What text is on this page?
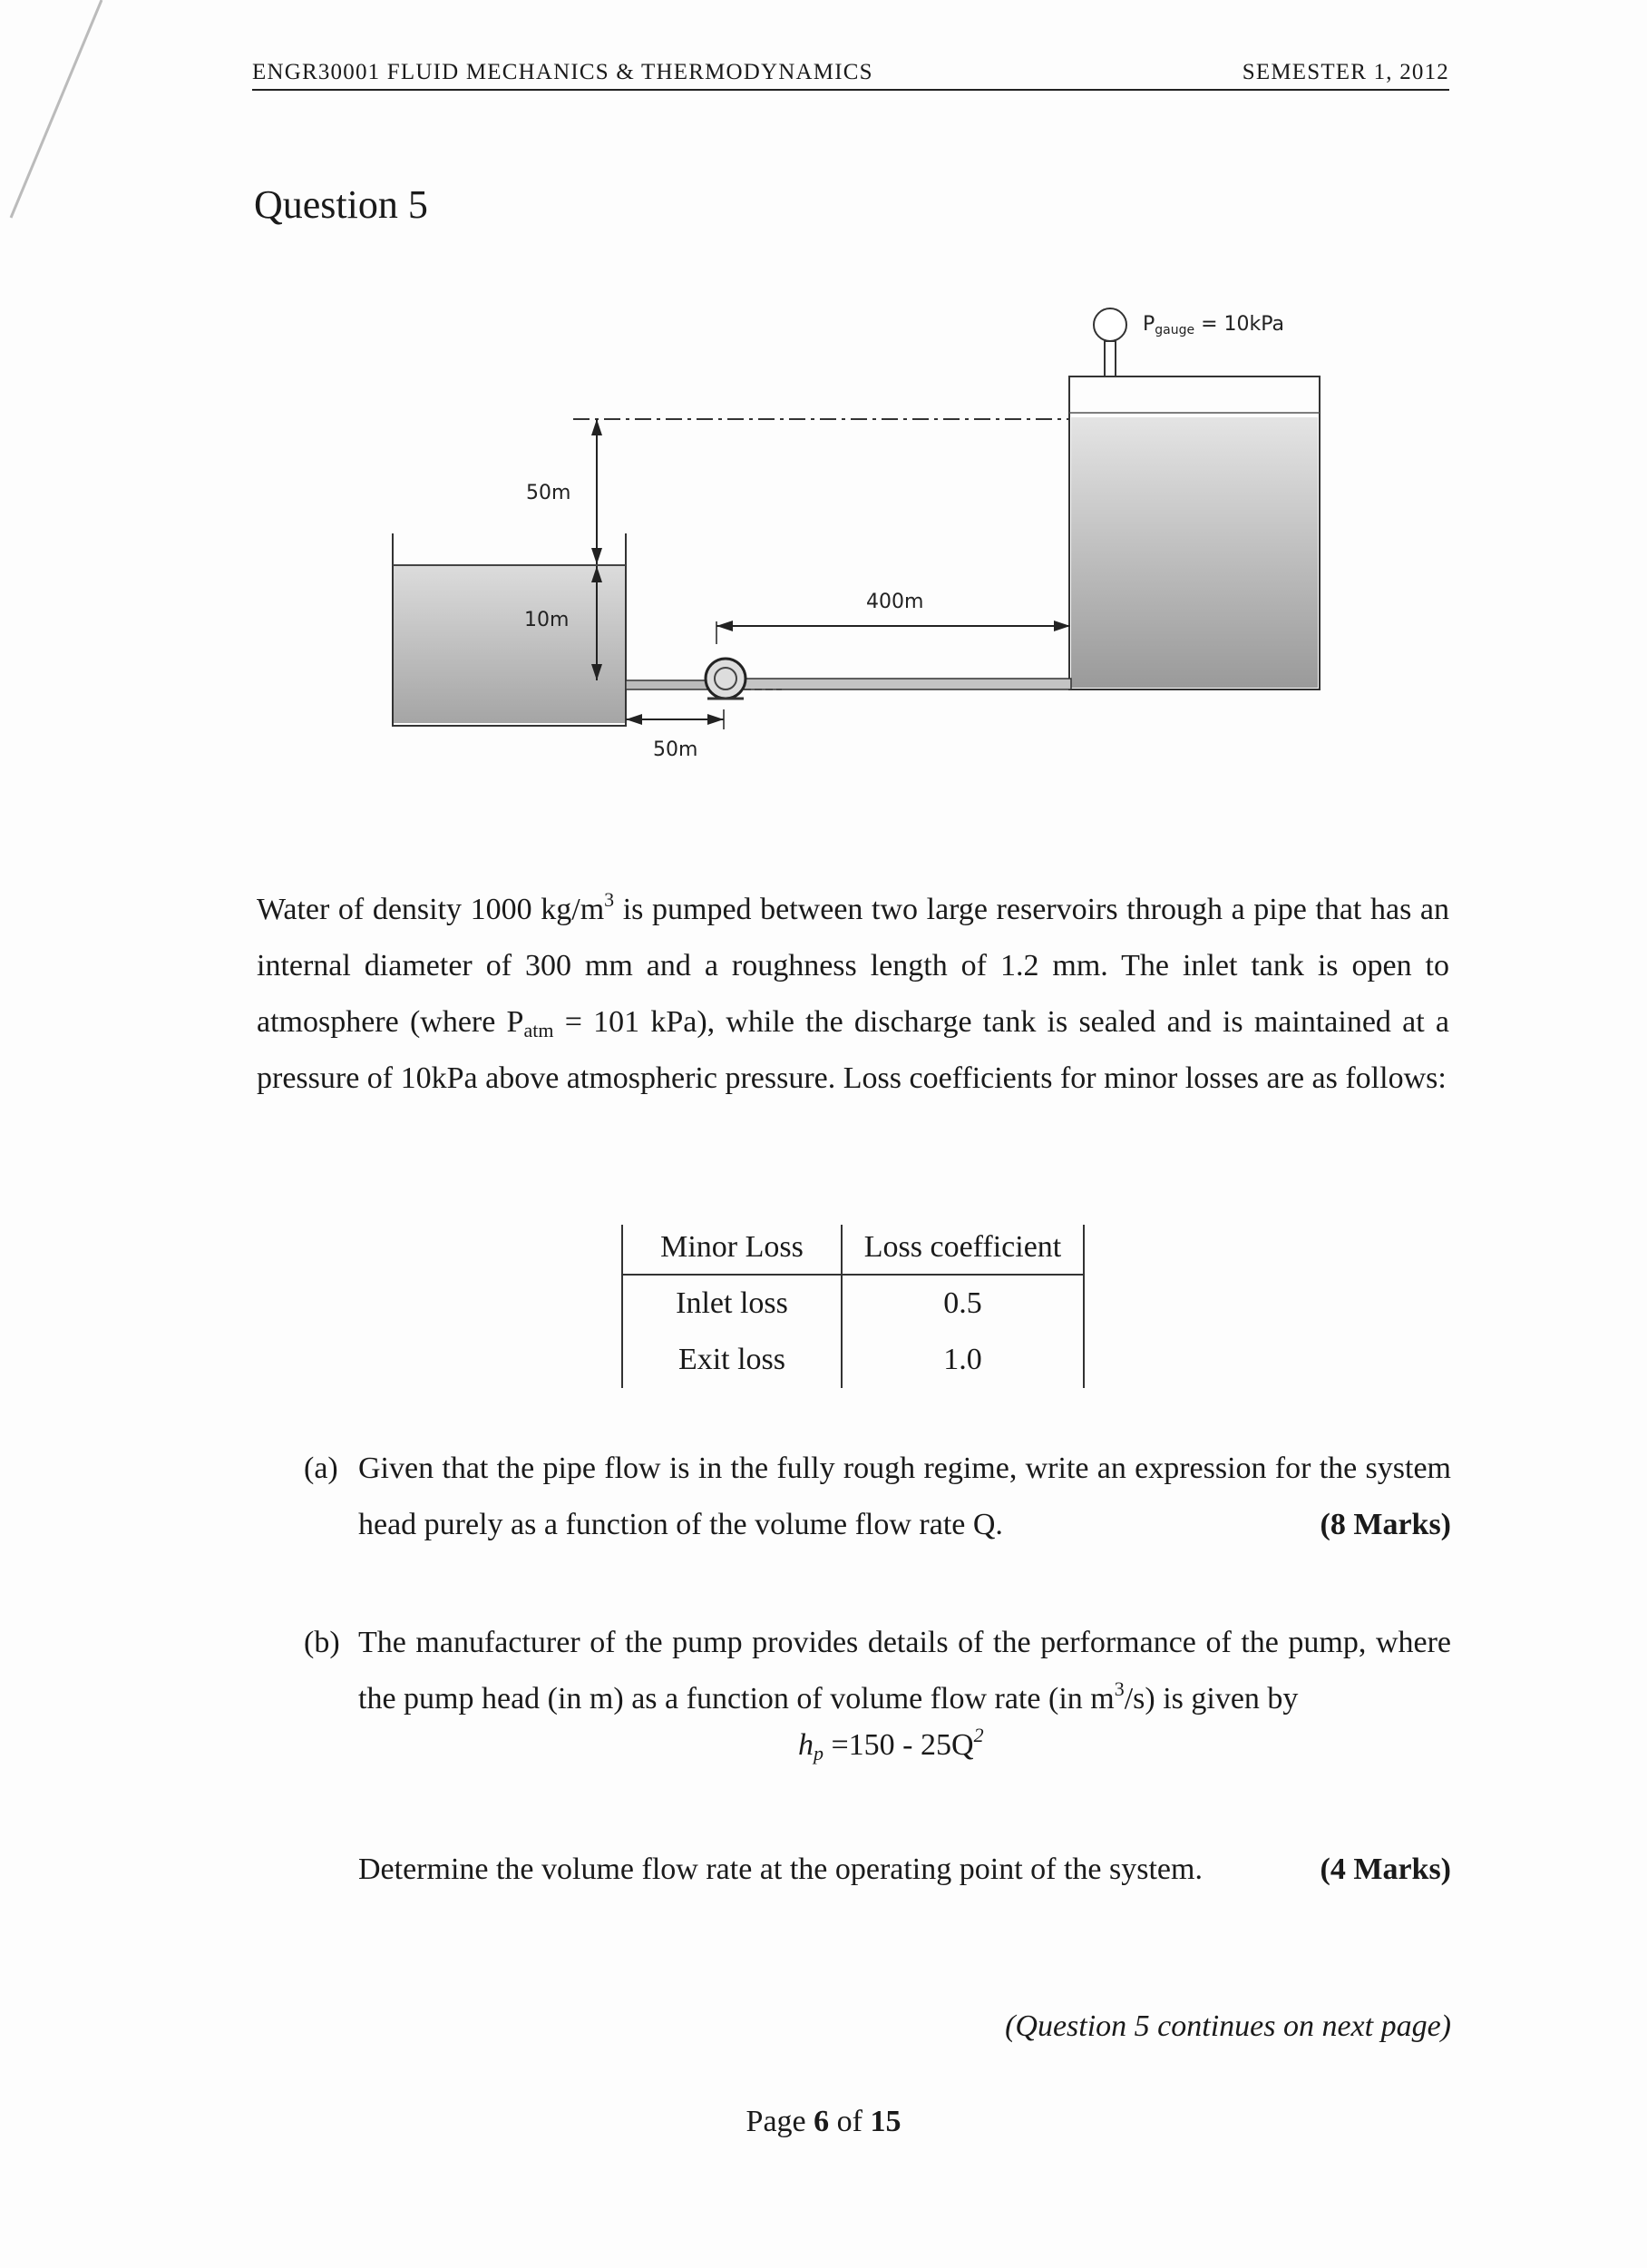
ENGR30001 FLUID MECHANICS & THERMODYNAMICS	SEMESTER 1, 2012
Question 5
Pgauge = 10kPa
50m
10m
400m
50m

Water of density 1000 $kg/m^3$ is pumped between two large reservoirs through a pipe that has an internal diameter of 300 mm and a roughness length of 1.2 mm. The inlet tank is open to atmosphere (where $P_{atm} = 101$ kPa), while the discharge tank is sealed and is maintained at a pressure of 10kPa above atmospheric pressure. Loss coefficients for minor losses are as follows:

Minor Loss	Loss coefficient
Inlet loss	0.5
Exit loss	1.0
(a) Given that the pipe flow is in the fully rough regime, write an expression for the system head purely as a function of the volume flow rate Q.	(8 Marks)
(b) The manufacturer of the pump provides details of the performance of the pump, where the pump head (in m) as a function of volume flow rate (in $m^3/s$) is given by
$h_p =150 - 25Q^2$
Determine the volume flow rate at the operating point of the system.	(4 Marks)
(Question 5 continues on next page)
Page 6 of 15
